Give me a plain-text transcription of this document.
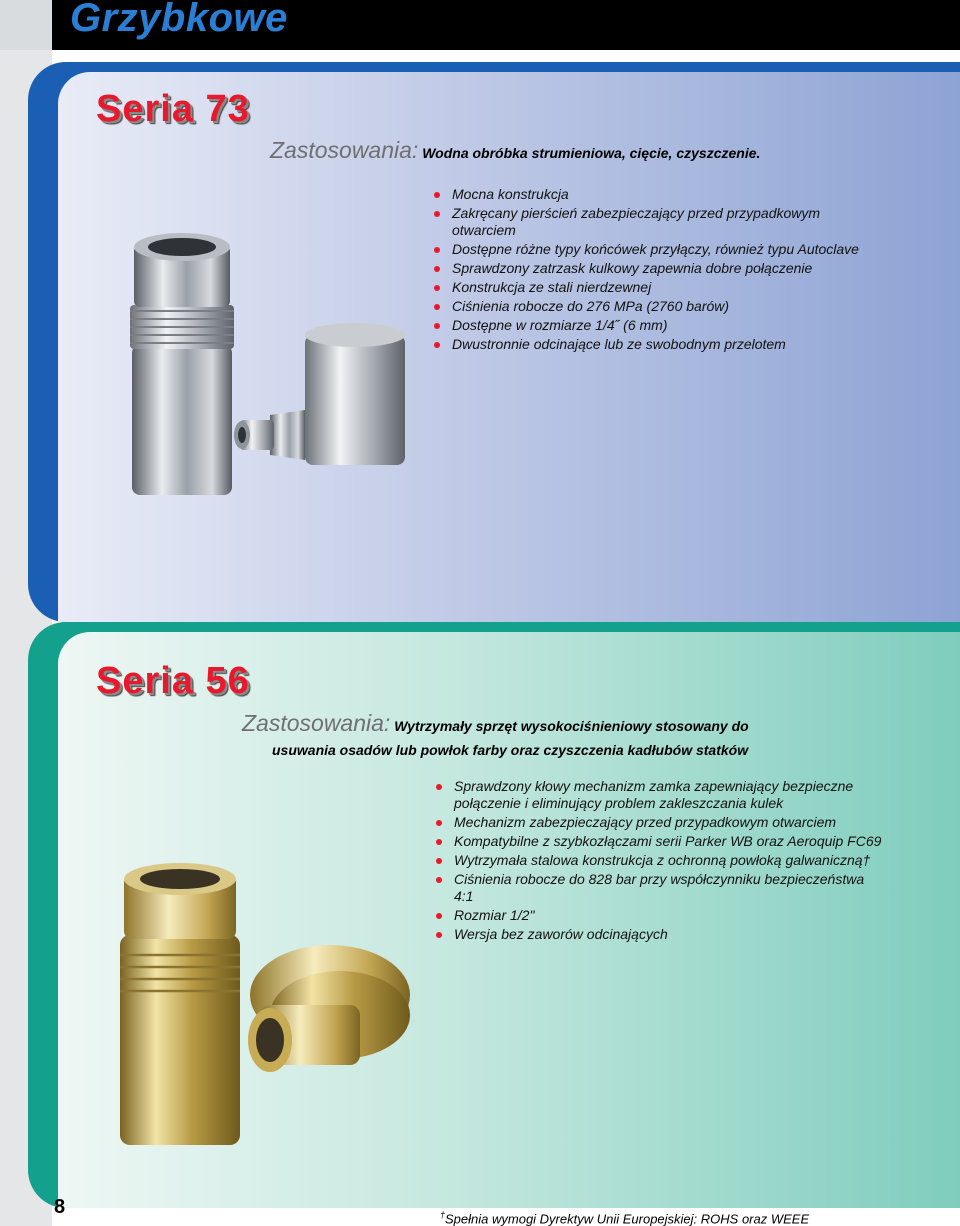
Grzybkowe
Seria 73
Zastosowania: Wodna obróbka strumieniowa, cięcie, czyszczenie.
Mocna konstrukcja
Zakręcany pierścień zabezpieczający przed przypadkowym otwarciem
Dostępne różne typy końcówek przyłączy, również typu Autoclave
Sprawdzony zatrzask kulkowy zapewnia dobre połączenie
Konstrukcja ze stali nierdzewnej
Ciśnienia robocze do 276 MPa (2760 barów)
Dostępne w rozmiarze 1/4˝ (6 mm)
Dwustronnie odcinające lub ze swobodnym przelotem
Seria 56
Zastosowania: Wytrzymały sprzęt wysokociśnieniowy stosowany do
usuwania osadów lub powłok farby oraz czyszczenia kadłubów statków
Sprawdzony kłowy mechanizm zamka zapewniający bezpieczne połączenie i eliminujący problem zakleszczania kulek
Mechanizm zabezpieczający przed przypadkowym otwarciem
Kompatybilne z szybkozłączami serii Parker WB oraz Aeroquip FC69
Wytrzymała stalowa konstrukcja z ochronną powłoką galwaniczną†
Ciśnienia robocze do 828 bar przy współczynniku bezpieczeństwa 4:1
Rozmiar 1/2"
Wersja bez zaworów odcinających
8	†Spełnia wymogi Dyrektyw Unii Europejskiej: ROHS oraz WEEE
